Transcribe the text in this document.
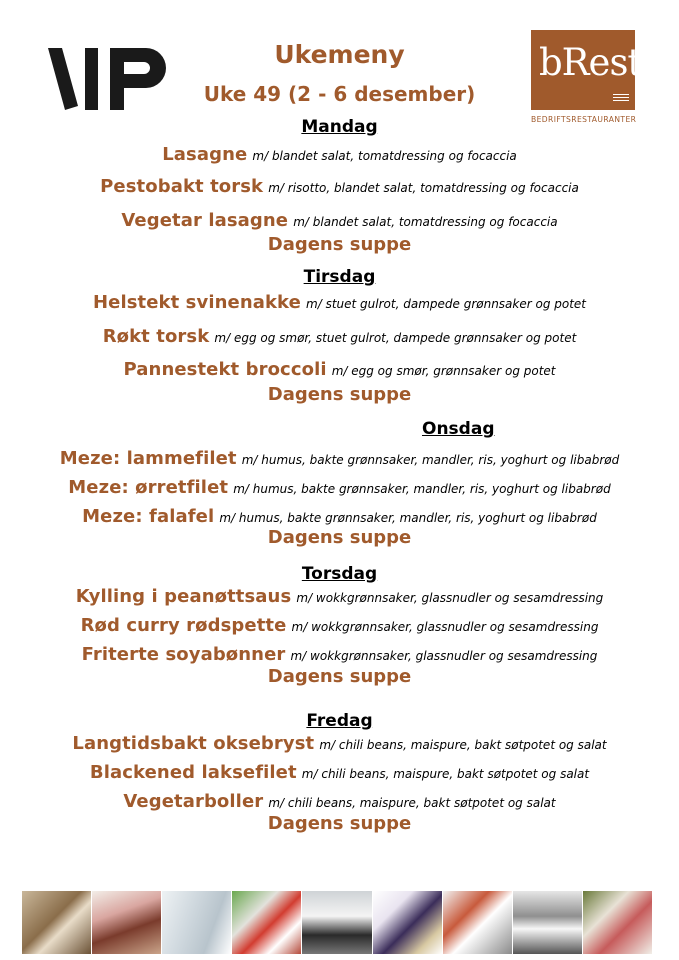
bRest
BEDRIFTSRESTAURANTER
Ukemeny
Uke 49 (2 - 6 desember)
Mandag
Lasagne m/ blandet salat, tomatdressing og focaccia
Pestobakt torsk m/ risotto, blandet salat, tomatdressing og focaccia
Vegetar lasagne m/ blandet salat, tomatdressing og focaccia
Dagens suppe
Tirsdag
Helstekt svinenakke m/ stuet gulrot, dampede grønnsaker og potet
Røkt torsk m/ egg og smør, stuet gulrot, dampede grønnsaker og potet
Pannestekt broccoli m/ egg og smør, grønnsaker og potet
Dagens suppe
Onsdag
Meze: lammefilet m/ humus, bakte grønnsaker, mandler, ris, yoghurt og libabrød
Meze: ørretfilet m/ humus, bakte grønnsaker, mandler, ris, yoghurt og libabrød
Meze: falafel m/ humus, bakte grønnsaker, mandler, ris, yoghurt og libabrød
Dagens suppe
Torsdag
Kylling i peanøttsaus m/ wokkgrønnsaker, glassnudler og sesamdressing
Rød curry rødspette m/ wokkgrønnsaker, glassnudler og sesamdressing
Friterte soyabønner m/ wokkgrønnsaker, glassnudler og sesamdressing
Dagens suppe
Fredag
Langtidsbakt oksebryst m/ chili beans, maispure, bakt søtpotet og salat
Blackened laksefilet m/ chili beans, maispure, bakt søtpotet og salat
Vegetarboller m/ chili beans, maispure, bakt søtpotet og salat
Dagens suppe
